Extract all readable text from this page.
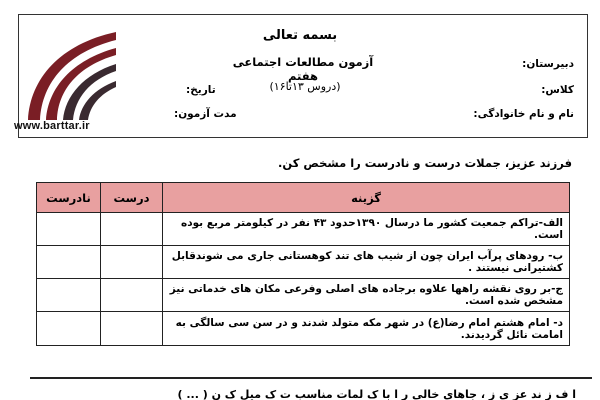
www.barttar.ir
بسمه تعالی
آزمون مطالعات اجتماعی هفتم
(دروس ۱۳تا۱۶)
دبیرستان:
کلاس:
نام و نام خانوادگی:
تاریخ:
مدت آزمون:
فرزند عزیز، جملات درست و نادرست را مشخص کن.
گزینه	درست	نادرست
الف-تراکم جمعیت کشور ما درسال ۱۳۹۰حدود ۴۳ نفر در کیلومتر مربع بوده است.		
ب- رودهای پرآب ایران چون از شیب های تند کوهستانی جاری می شوندقابل کشتیرانی نیستند .		
ج-بر روی نقشه راهها علاوه برجاده های اصلی وفرعی مکان های خدماتی نیز مشخص شده است.		
د- امام هشتم امام رضا(ع) در شهر مکه متولد شدند و در سن سی سالگی به امامت نائل گردیدند.		
ا ف ز ند عز ی ز ، جاهای خالی ر ا با ک لمات مناسب ت ک میل ک ن ( ... )
